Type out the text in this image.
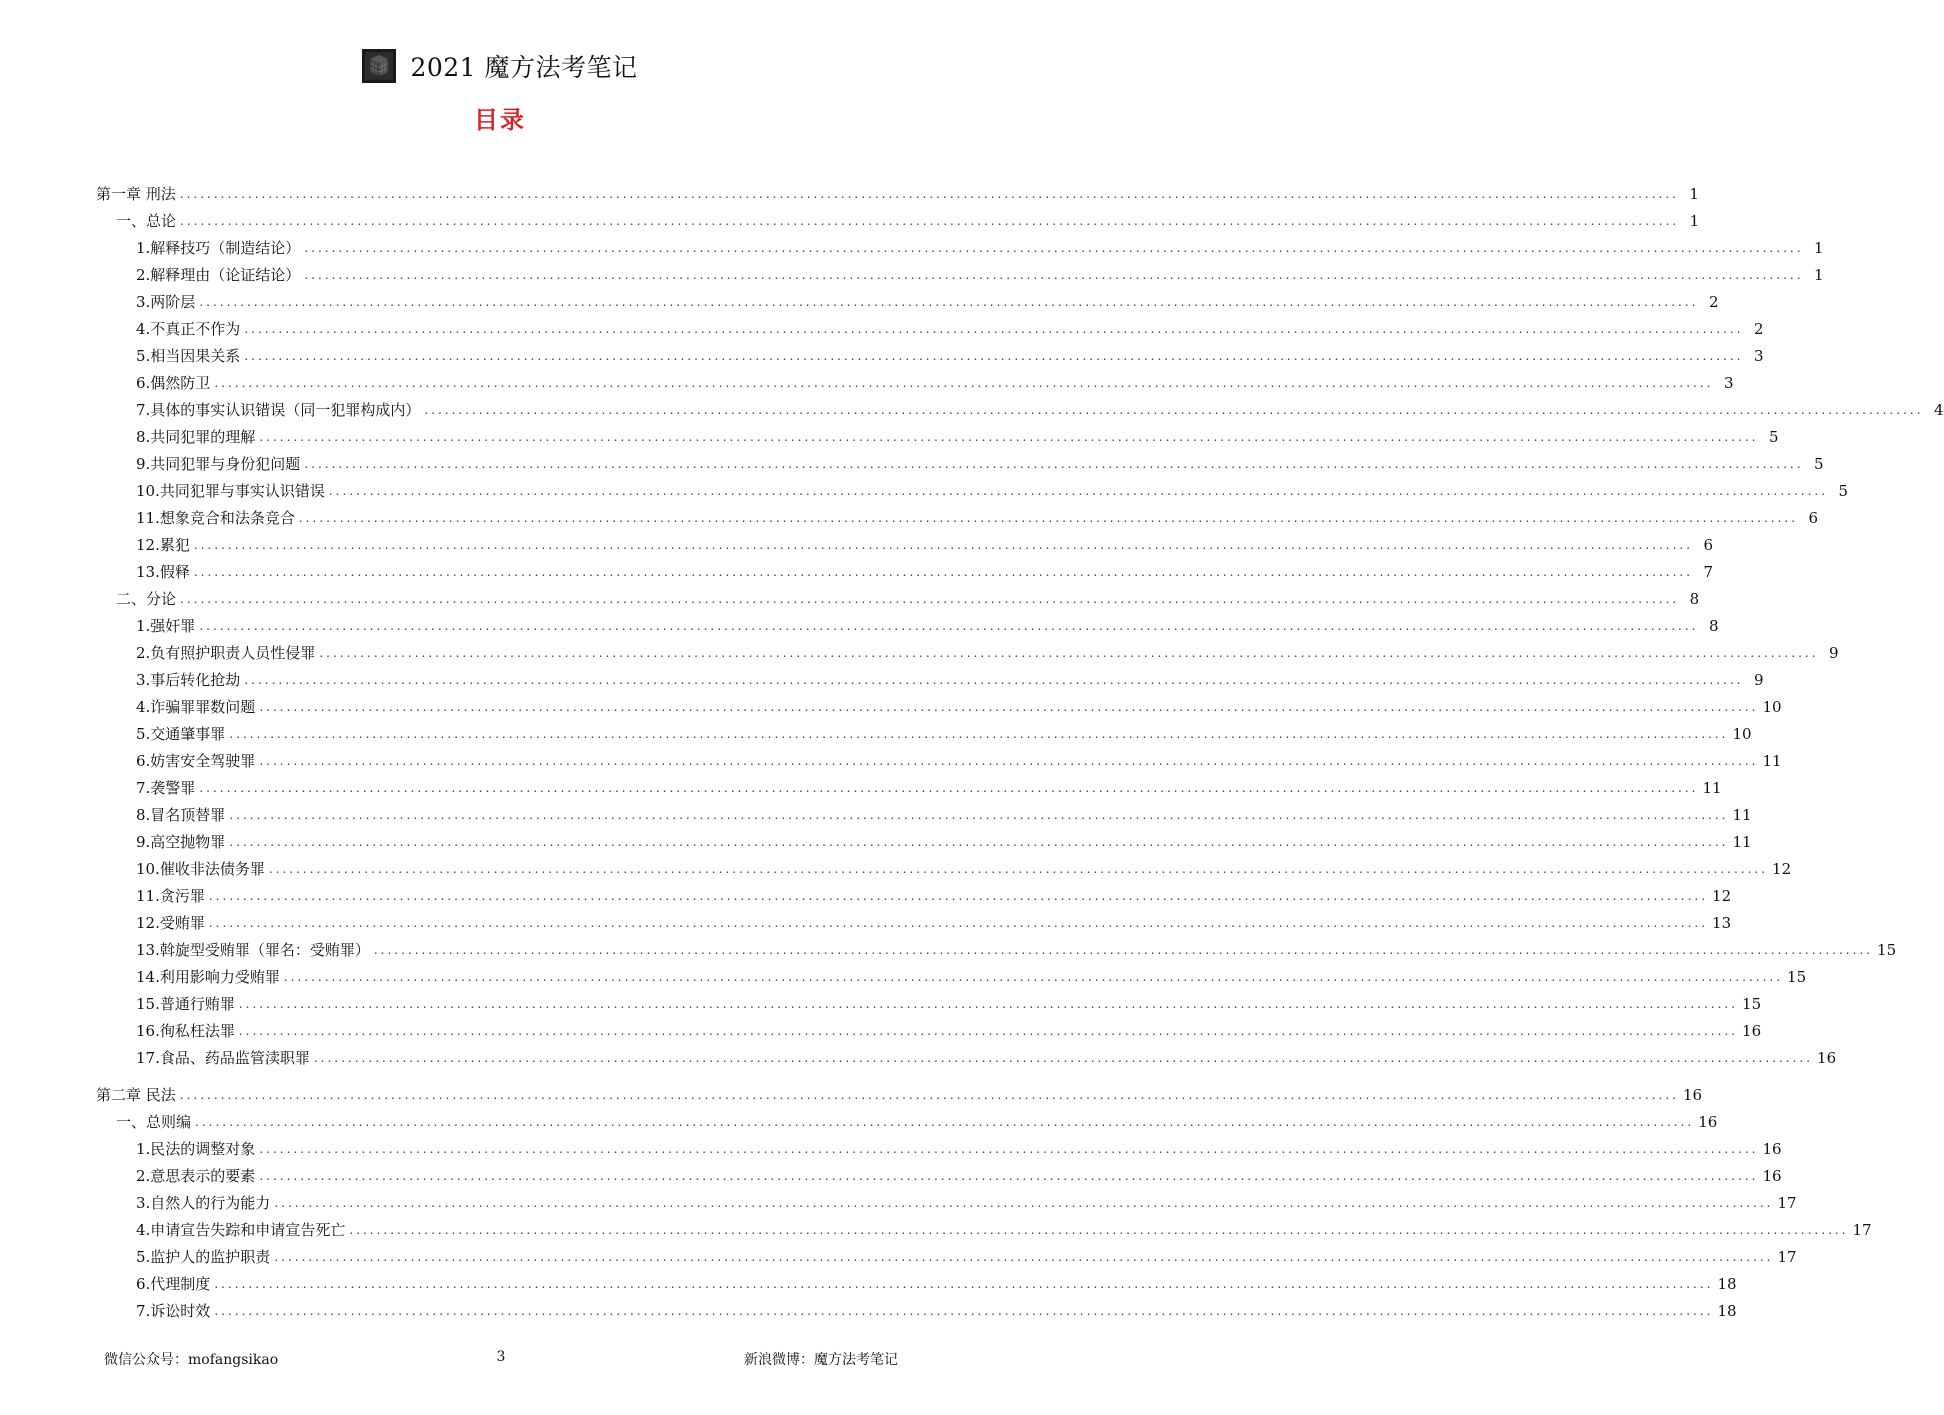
2021 魔方法考笔记
目录
第一章 刑法 ............................................................................................................................................................................................................................ 1
一、总论 ............................................................................................................................................................................................................................ 1
1.解释技巧（制造结论） ............................................................................................................................................................................................................................ 1
2.解释理由（论证结论） ............................................................................................................................................................................................................................ 1
3.两阶层 ............................................................................................................................................................................................................................ 2
4.不真正不作为 ............................................................................................................................................................................................................................ 2
5.相当因果关系 ............................................................................................................................................................................................................................ 3
6.偶然防卫 ............................................................................................................................................................................................................................ 3
7.具体的事实认识错误（同一犯罪构成内） ............................................................................................................................................................................................................................ 4
8.共同犯罪的理解 ............................................................................................................................................................................................................................ 5
9.共同犯罪与身份犯问题 ............................................................................................................................................................................................................................ 5
10.共同犯罪与事实认识错误 ............................................................................................................................................................................................................................ 5
11.想象竞合和法条竞合 ............................................................................................................................................................................................................................ 6
12.累犯 ............................................................................................................................................................................................................................ 6
13.假释 ............................................................................................................................................................................................................................ 7
二、分论 ............................................................................................................................................................................................................................ 8
1.强奸罪 ............................................................................................................................................................................................................................ 8
2.负有照护职责人员性侵罪 ............................................................................................................................................................................................................................ 9
3.事后转化抢劫 ............................................................................................................................................................................................................................ 9
4.诈骗罪罪数问题 ............................................................................................................................................................................................................................ 10
5.交通肇事罪 ............................................................................................................................................................................................................................ 10
6.妨害安全驾驶罪 ............................................................................................................................................................................................................................ 11
7.袭警罪 ............................................................................................................................................................................................................................ 11
8.冒名顶替罪 ............................................................................................................................................................................................................................ 11
9.高空抛物罪 ............................................................................................................................................................................................................................ 11
10.催收非法债务罪 ............................................................................................................................................................................................................................ 12
11.贪污罪 ............................................................................................................................................................................................................................ 12
12.受贿罪 ............................................................................................................................................................................................................................ 13
13.斡旋型受贿罪（罪名：受贿罪） ............................................................................................................................................................................................................................ 15
14.利用影响力受贿罪 ............................................................................................................................................................................................................................ 15
15.普通行贿罪 ............................................................................................................................................................................................................................ 15
16.徇私枉法罪 ............................................................................................................................................................................................................................ 16
17.食品、药品监管渎职罪 ............................................................................................................................................................................................................................ 16
第二章 民法 ............................................................................................................................................................................................................................ 16
一、总则编 ............................................................................................................................................................................................................................ 16
1.民法的调整对象 ............................................................................................................................................................................................................................ 16
2.意思表示的要素 ............................................................................................................................................................................................................................ 16
3.自然人的行为能力 ............................................................................................................................................................................................................................ 17
4.申请宣告失踪和申请宣告死亡 ............................................................................................................................................................................................................................ 17
5.监护人的监护职责 ............................................................................................................................................................................................................................ 17
6.代理制度 ............................................................................................................................................................................................................................ 18
7.诉讼时效 ............................................................................................................................................................................................................................ 18
微信公众号：mofangsikao	3	新浪微博：魔方法考笔记
